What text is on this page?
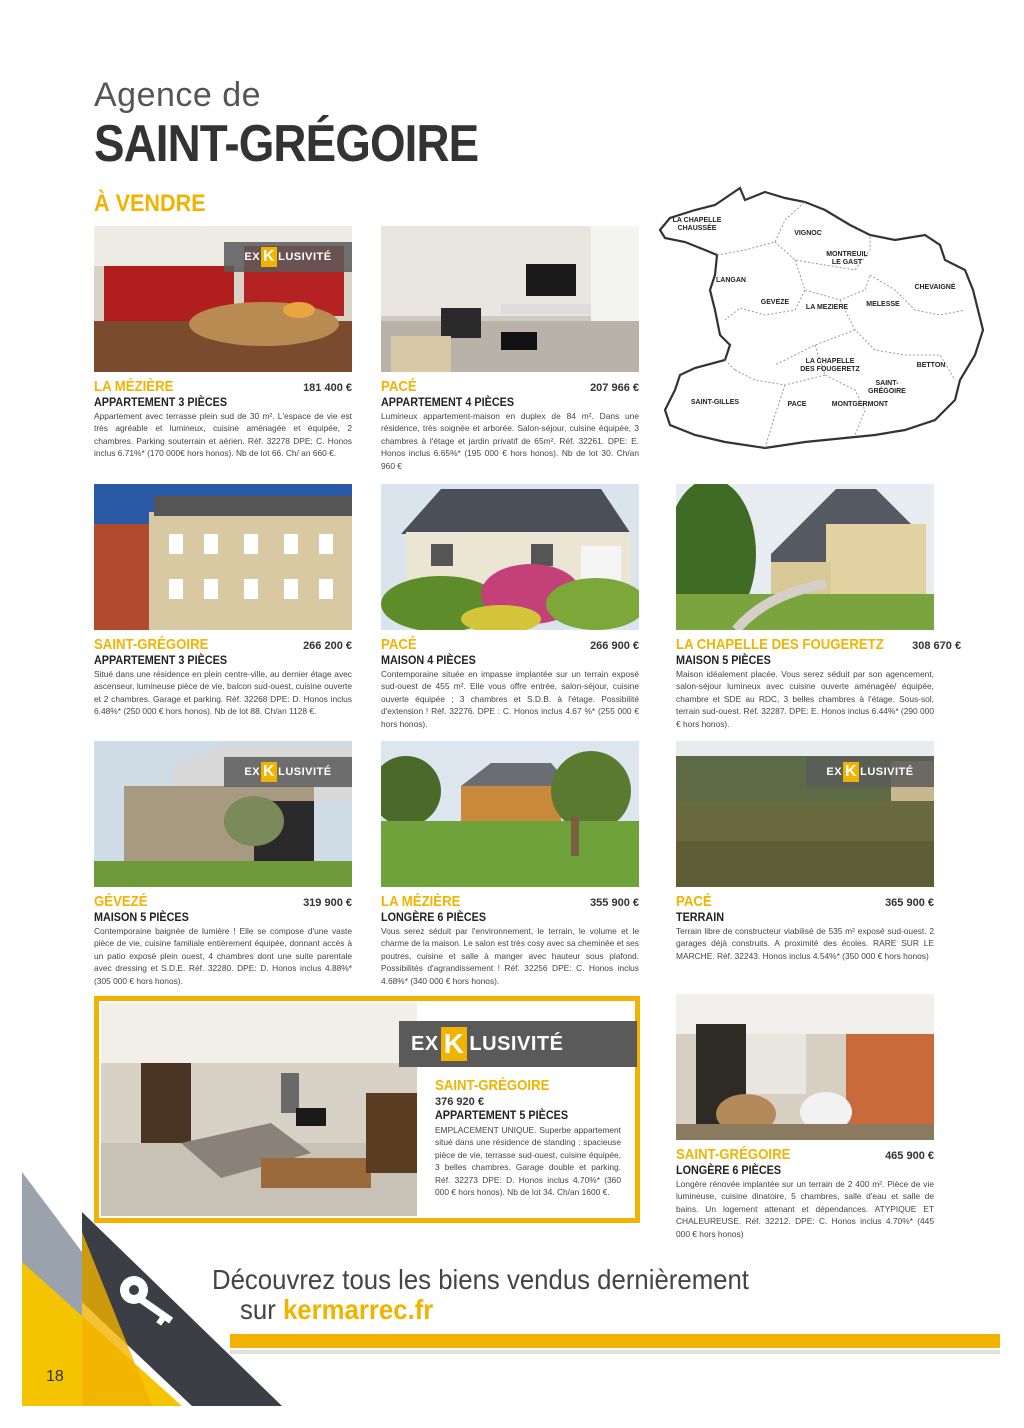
Agence de
SAINT-GRÉGOIRE
À VENDRE
LA CHAPELLE
CHAUSSÉE
VIGNOC
MONTREUIL
LE GAST
LANGAN
CHEVAIGNÉ
GEVEZE
LA MEZIERE	MELESSE
LA CHAPELLE
DES FOUGERETZ
BETTON
SAINT-
GRÉGOIRE
SAINT-GILLES	PACE	MONTGERMONT
EX K LUSIVITÉ
LA MÉZIÈRE	181 400 €
APPARTEMENT 3 PIÈCES
Appartement avec terrasse plein sud de 30 m². L'espace de vie est très agréable et lumineux, cuisine aménagée et équipée, 2 chambres. Parking souterrain et aérien. Réf. 32278 DPE: C. Honos inclus 6.71%* (170 000€ hors honos). Nb de lot 66. Ch/ an 660 €.
PACÉ	207 966 €
APPARTEMENT 4 PIÈCES
Lumineux appartement-maison en duplex de 84 m². Dans une résidence, très soignée et arborée. Salon-séjour, cuisine équipée, 3 chambres à l'étage et jardin privatif de 65m². Réf. 32261. DPE: E. Honos inclus 6.65%* (195 000 € hors honos). Nb de lot 30. Ch/an 960 €
SAINT-GRÉGOIRE	266 200 €
APPARTEMENT 3 PIÈCES
Situé dans une résidence en plein centre-ville, au dernier étage avec ascenseur, lumineuse pièce de vie, balcon sud-ouest, cuisine ouverte et 2 chambres. Garage et parking. Réf. 32268 DPE: D. Honos inclus 6.48%* (250 000 € hors honos). Nb de lot 88. Ch/an 1128 €.
PACÉ	266 900 €
MAISON 4 PIÈCES
Contemporaine située en impasse implantée sur un terrain exposé sud-ouest de 455 m². Elle vous offre entrée, salon-séjour, cuisine ouverte équipée ; 3 chambres et S.D.B. à l'étage. Possibilité d'extension ! Réf. 32276. DPE : C. Honos inclus 4.67 %* (255 000 € hors honos).
LA CHAPELLE DES FOUGERETZ	308 670 €
MAISON 5 PIÈCES
Maison idéalement placée. Vous serez séduit par son agencement, salon-séjour lumineux avec cuisine ouverte aménagée/ équipée, chambre et SDE au RDC, 3 belles chambres à l'étage. Sous-sol, terrain sud-ouest. Réf. 32287. DPE: E. Honos inclus 6.44%* (290 000 € hors honos).
EX K LUSIVITÉ
GÉVEZÉ	319 900 €
MAISON 5 PIÈCES
Contemporaine baignée de lumière ! Elle se compose d'une vaste pièce de vie, cuisine familiale entièrement équipée, donnant accès à un patio exposé plein ouest, 4 chambres dont une suite parentale avec dressing et S.D.E. Réf. 32280. DPE: D. Honos inclus 4.88%* (305 000 € hors honos).
LA MÉZIÈRE	355 900 €
LONGÈRE 6 PIÈCES
Vous serez séduit par l'environnement, le terrain, le volume et le charme de la maison. Le salon est très cosy avec sa cheminée et ses poutres, cuisine et salle à manger avec hauteur sous plafond. Possibilités d'agrandissement ! Réf. 32256 DPE: C. Honos inclus 4.68%* (340 000 € hors honos).
EX K LUSIVITÉ
PACÉ	365 900 €
TERRAIN
Terrain libre de constructeur viabilisé de 535 m² exposé sud-ouest. 2 garages déjà construits. A proximité des écoles. RARE SUR LE MARCHE. Réf. 32243. Honos inclus 4.54%* (350 000 € hors honos)
EX K LUSIVITÉ
SAINT-GRÉGOIRE
376 920 €
APPARTEMENT 5 PIÈCES
EMPLACEMENT UNIQUE. Superbe appartement situé dans une résidence de standing : spacieuse pièce de vie, terrasse sud-ouest, cuisine équipée, 3 belles chambres. Garage double et parking. Réf. 32273 DPE: D. Honos inclus 4.70%* (360 000 € hors honos). Nb de lot 34. Ch/an 1600 €.
SAINT-GRÉGOIRE	465 900 €
LONGÈRE 6 PIÈCES
Longère rénovée implantée sur un terrain de 2 400 m². Pièce de vie lumineuse, cuisine dinatoire, 5 chambres, salle d'eau et salle de bains. Un logement attenant et dépendances. ATYPIQUE ET CHALEUREUSE. Réf. 32212. DPE: C. Honos inclus 4.70%* (445 000 € hors honos)
Découvrez tous les biens vendus dernièrement
sur kermarrec.fr
18
